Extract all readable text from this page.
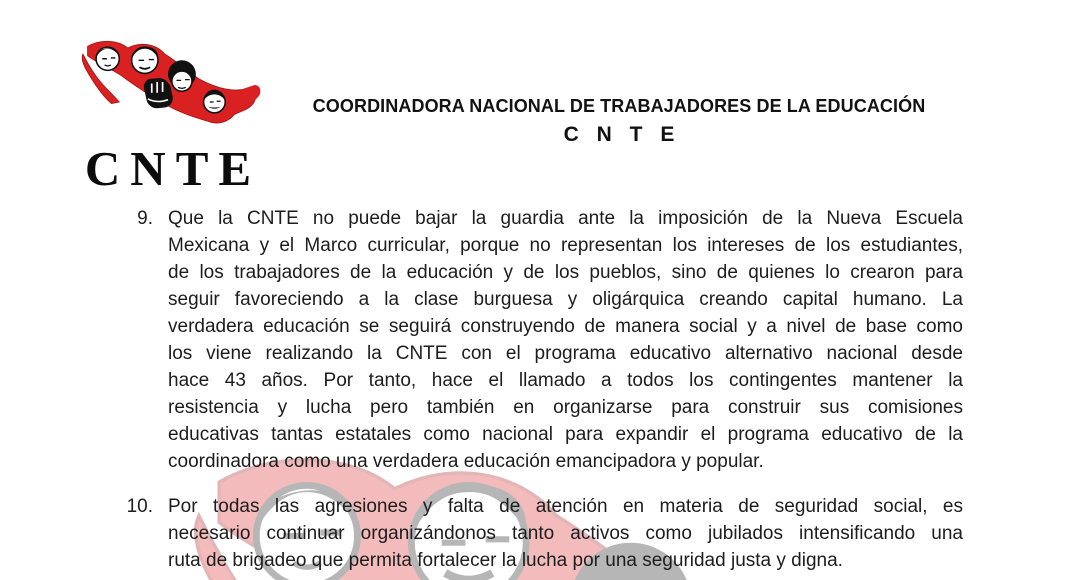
CNTE
COORDINADORA NACIONAL DE TRABAJADORES DE LA EDUCACIÓN
C N T E
9. Que la CNTE no puede bajar la guardia ante la imposición de la Nueva Escuela
Mexicana y el Marco curricular, porque no representan los intereses de los estudiantes,
de los trabajadores de la educación y de los pueblos, sino de quienes lo crearon para
seguir favoreciendo a la clase burguesa y oligárquica creando capital humano. La
verdadera educación se seguirá construyendo de manera social y a nivel de base como
los viene realizando la CNTE con el programa educativo alternativo nacional desde
hace 43 años. Por tanto, hace el llamado a todos los contingentes mantener la
resistencia y lucha pero también en organizarse para construir sus comisiones
educativas tantas estatales como nacional para expandir el programa educativo de la
coordinadora como una verdadera educación emancipadora y popular.
10. Por todas las agresiones y falta de atención en materia de seguridad social, es
necesario continuar organizándonos tanto activos como jubilados intensificando una
ruta de brigadeo que permita fortalecer la lucha por una seguridad justa y digna.
